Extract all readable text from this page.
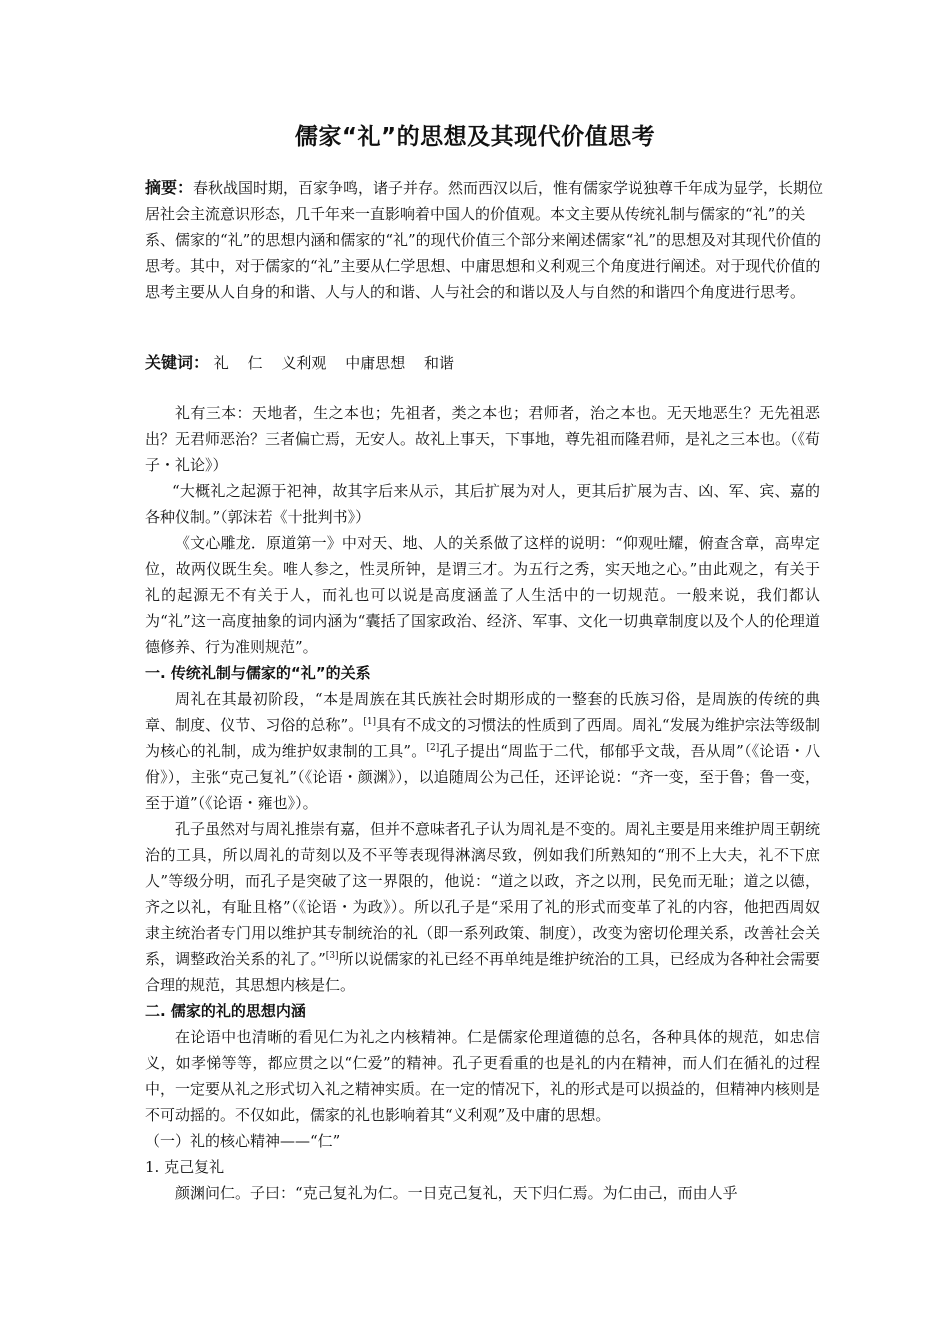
儒家“礼”的思想及其现代价值思考
摘要：春秋战国时期，百家争鸣，诸子并存。然而西汉以后，惟有儒家学说独尊千年成为显学，长期位居社会主流意识形态，几千年来一直影响着中国人的价值观。本文主要从传统礼制与儒家的“礼”的关系、儒家的“礼”的思想内涵和儒家的“礼”的现代价值三个部分来阐述儒家“礼”的思想及对其现代价值的思考。其中，对于儒家的“礼”主要从仁学思想、中庸思想和义利观三个角度进行阐述。对于现代价值的思考主要从人自身的和谐、人与人的和谐、人与社会的和谐以及人与自然的和谐四个角度进行思考。
关键词： 礼 仁 义利观 中庸思想 和谐

礼有三本：天地者，生之本也；先祖者，类之本也；君师者，治之本也。无天地恶生？无先祖恶出？无君师恶治？三者偏亡焉，无安人。故礼上事天，下事地，尊先祖而隆君师，是礼之三本也。（《荀子・礼论》）

“大概礼之起源于祀神，故其字后来从示，其后扩展为对人，更其后扩展为吉、凶、军、宾、嘉的各种仪制。”（郭沫若《十批判书》）

《文心雕龙．原道第一》中对天、地、人的关系做了这样的说明：“仰观吐耀，俯查含章，高卑定位，故两仪既生矣。唯人参之，性灵所钟，是谓三才。为五行之秀，实天地之心。”由此观之，有关于礼的起源无不有关于人，而礼也可以说是高度涵盖了人生活中的一切规范。一般来说，我们都认为“礼”这一高度抽象的词内涵为“囊括了国家政治、经济、军事、文化一切典章制度以及个人的伦理道德修养、行为准则规范”。

一. 传统礼制与儒家的“礼”的关系

周礼在其最初阶段，“本是周族在其氏族社会时期形成的一整套的氏族习俗，是周族的传统的典章、制度、仪节、习俗的总称”。[1]具有不成文的习惯法的性质到了西周。周礼“发展为维护宗法等级制为核心的礼制，成为维护奴隶制的工具”。[2]孔子提出“周监于二代，郁郁乎文哉，吾从周”（《论语・八佾》），主张“克己复礼”（《论语・颜渊》），以追随周公为己任，还评论说：“齐一变，至于鲁；鲁一变，至于道”（《论语・雍也》）。

孔子虽然对与周礼推崇有嘉，但并不意味者孔子认为周礼是不变的。周礼主要是用来维护周王朝统治的工具，所以周礼的苛刻以及不平等表现得淋漓尽致，例如我们所熟知的“刑不上大夫，礼不下庶人”等级分明，而孔子是突破了这一界限的，他说：“道之以政，齐之以刑，民免而无耻；道之以德，齐之以礼，有耻且格”（《论语・为政》）。所以孔子是“采用了礼的形式而变革了礼的内容，他把西周奴隶主统治者专门用以维护其专制统治的礼（即一系列政策、制度），改变为密切伦理关系，改善社会关系，调整政治关系的礼了。”[3]所以说儒家的礼已经不再单纯是维护统治的工具，已经成为各种社会需要合理的规范，其思想内核是仁。

二. 儒家的礼的思想内涵

在论语中也清晰的看见仁为礼之内核精神。仁是儒家伦理道德的总名，各种具体的规范，如忠信义，如孝悌等等，都应贯之以“仁爱”的精神。孔子更看重的也是礼的内在精神，而人们在循礼的过程中，一定要从礼之形式切入礼之精神实质。在一定的情况下，礼的形式是可以损益的，但精神内核则是不可动摇的。不仅如此，儒家的礼也影响着其“义利观”及中庸的思想。

（一）礼的核心精神——“仁”

1. 克己复礼

颜渊问仁。子曰：“克己复礼为仁。一日克己复礼，天下归仁焉。为仁由己，而由人乎
